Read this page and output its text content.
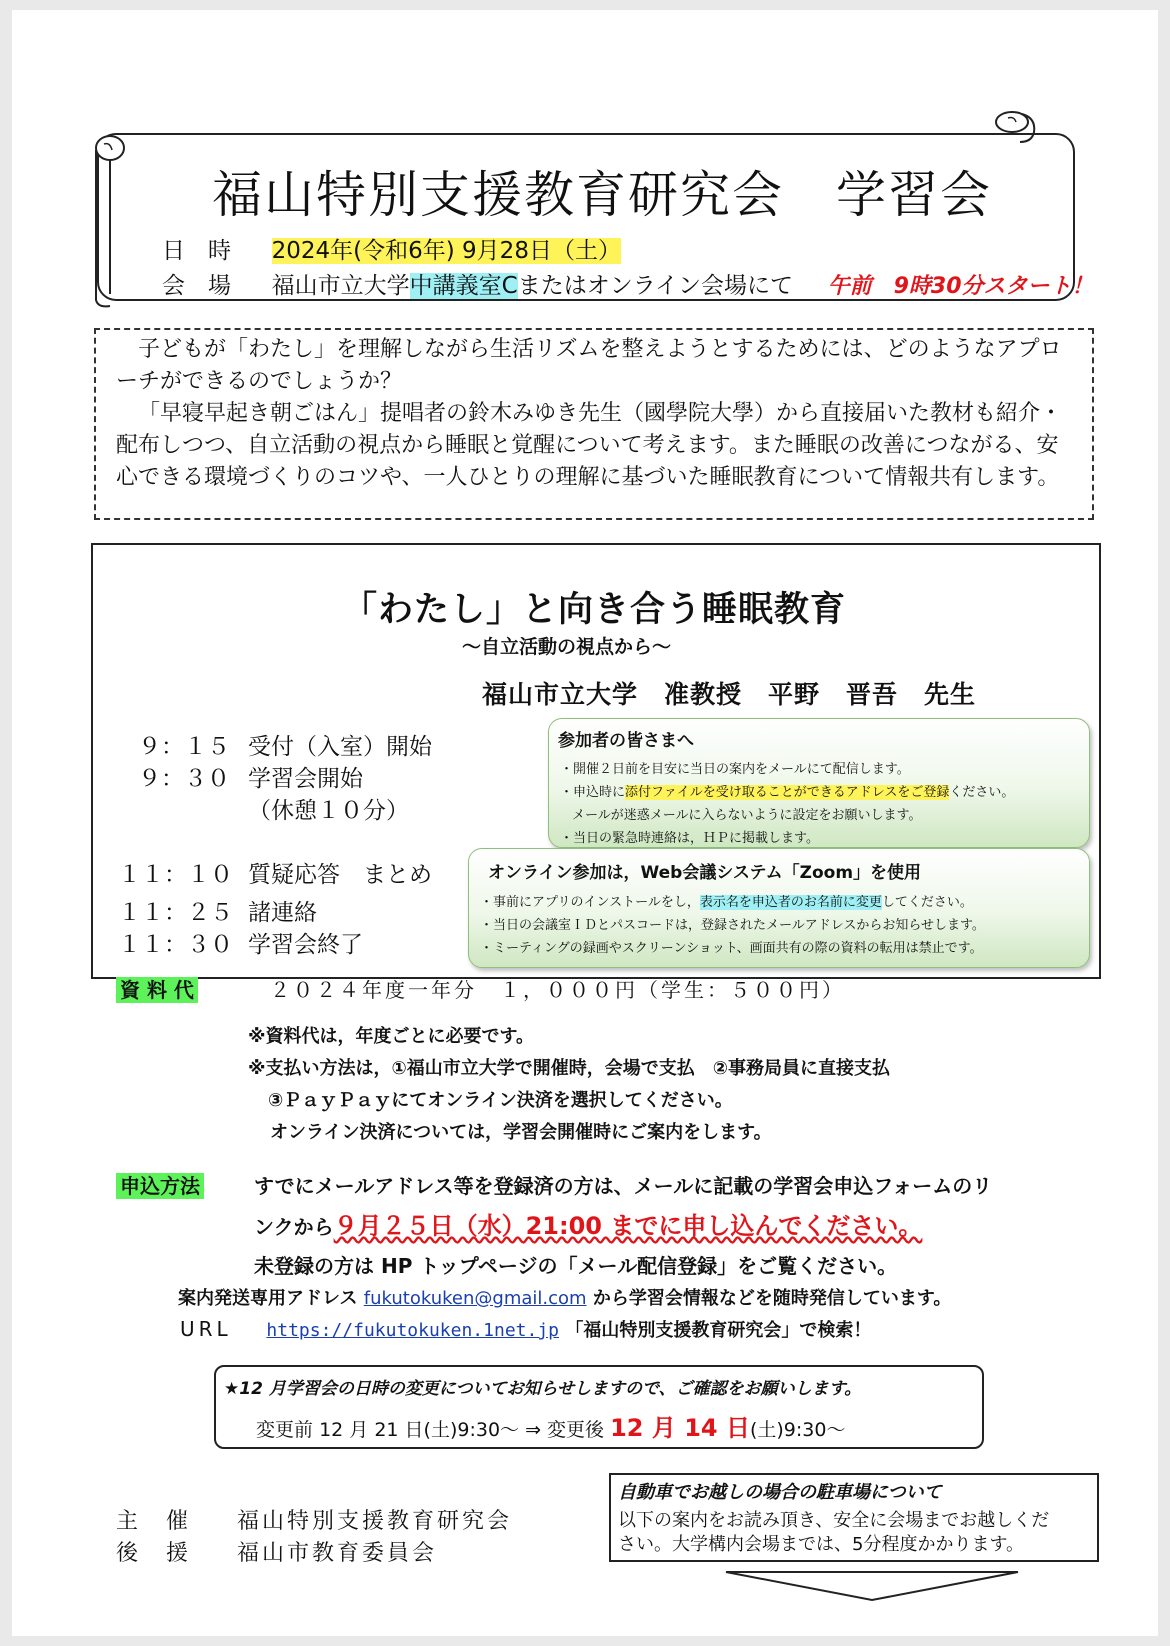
福山特別支援教育研究会　学習会
日　時 2024年(令和6年) 9月28日（土）
会　場 福山市立大学中講義室Cまたはオンライン会場にて 午前　9時30分スタート！

子どもが「わたし」を理解しながら生活リズムを整えようとするためには、どのようなアプローチができるのでしょうか？

「早寝早起き朝ごはん」提唱者の鈴木みゆき先生（國學院大學）から直接届いた教材も紹介・配布しつつ、自立活動の視点から睡眠と覚醒について考えます。また睡眠の改善につながる、安心できる環境づくりのコツや、一人ひとりの理解に基づいた睡眠教育について情報共有します。

「わたし」と向き合う睡眠教育
～自立活動の視点から～
福山市立大学　准教授　平野　晋吾　先生
９：１５ 受付（入室）開始
９：３０ 学習会開始
（休憩１０分）
１１：１０ 質疑応答　まとめ
１１：２５ 諸連絡
１１：３０ 学習会終了
参加者の皆さまへ
・開催２日前を目安に当日の案内をメールにて配信します。
・申込時に添付ファイルを受け取ることができるアドレスをご登録ください。
メールが迷惑メールに入らないように設定をお願いします。
・当日の緊急時連絡は，ＨＰに掲載します。
オンライン参加は，Web会議システム「Zoom」を使用
・事前にアプリのインストールをし，表示名を申込者のお名前に変更してください。
・当日の会議室ＩＤとパスコードは，登録されたメールアドレスからお知らせします。
・ミーティングの録画やスクリーンショット、画面共有の際の資料の転用は禁止です。
資 料 代	２０２４年度一年分　１，０００円（学生：５００円）
※資料代は，年度ごとに必要です。
※支払い方法は，①福山市立大学で開催時，会場で支払　②事務局員に直接支払
③ＰａｙＰａｙにてオンライン決済を選択してください。
オンライン決済については，学習会開催時にご案内をします。
申込方法	すでにメールアドレス等を登録済の方は、メールに記載の学習会申込フォームのリ
ンクから９月２５日（水）21:00 までに申し込んでください。
未登録の方は HP トップページの「メール配信登録」をご覧ください。
案内発送専用アドレス fukutokuken@gmail.com から学習会情報などを随時発信しています。
URL https://fukutokuken.1net.jp 「福山特別支援教育研究会」で検索！
★12 月学習会の日時の変更についてお知らせしますので、ご確認をお願いします。
変更前 12 月 21 日(土)9:30～ ⇒ 変更後 12 月 14 日(土)9:30～
主　催 福山特別支援教育研究会
後　援 福山市教育委員会
自動車でお越しの場合の駐車場について
以下の案内をお読み頂き、安全に会場までお越しくだ
さい。大学構内会場までは、5分程度かかります。
